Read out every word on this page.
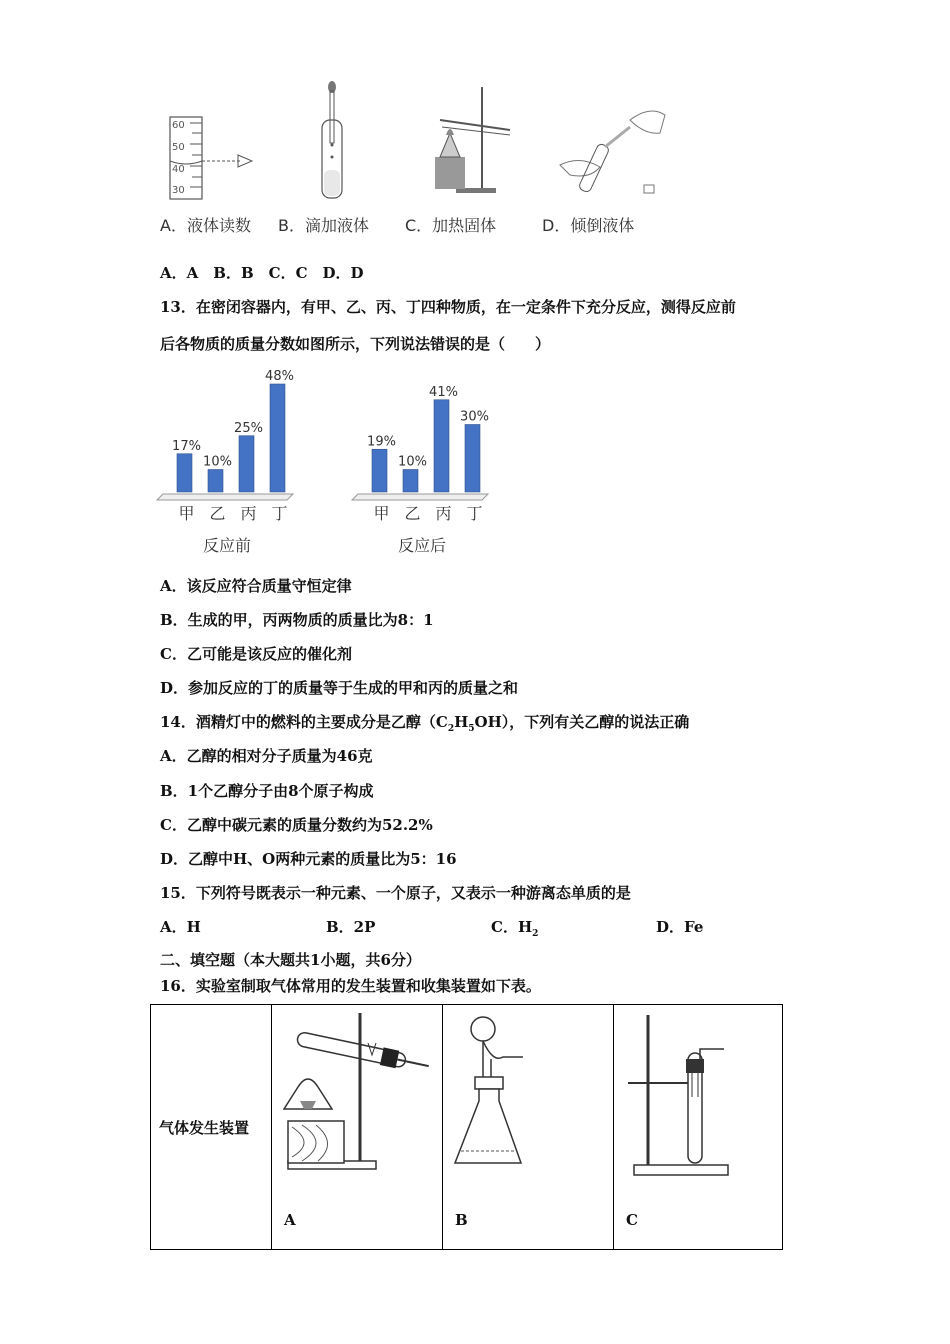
60
50
40
30
A．液体读数 B．滴加液体 C．加热固体	D．倾倒液体
A．A　B．B　C．C　D．D
13．在密闭容器内，有甲、乙、丙、丁四种物质，在一定条件下充分反应，测得反应前
后各物质的质量分数如图所示，下列说法错误的是（　　）
17%
甲
10%
乙
25%
丙
48%
丁
反应前
19%
甲
10%
乙
41%
丙
30%
丁
反应后
A．该反应符合质量守恒定律
B．生成的甲，丙两物质的质量比为8：1
C．乙可能是该反应的催化剂
D．参加反应的丁的质量等于生成的甲和丙的质量之和
14．酒精灯中的燃料的主要成分是乙醇$(C_2H_5OH)$，下列有关乙醇的说法正确
A．乙醇的相对分子质量为46克
B．1个乙醇分子由8个原子构成
C．乙醇中碳元素的质量分数约为52.2%
D．乙醇中H、O两种元素的质量比为5：16
15．下列符号既表示一种元素、一个原子，又表示一种游离态单质的是
A．H	B．2P	C．$H_2$	D．Fe
二、填空题（本大题共1小题，共6分）
16．实验室制取气体常用的发生装置和收集装置如下表。
气体发生装置	
A	B	C
